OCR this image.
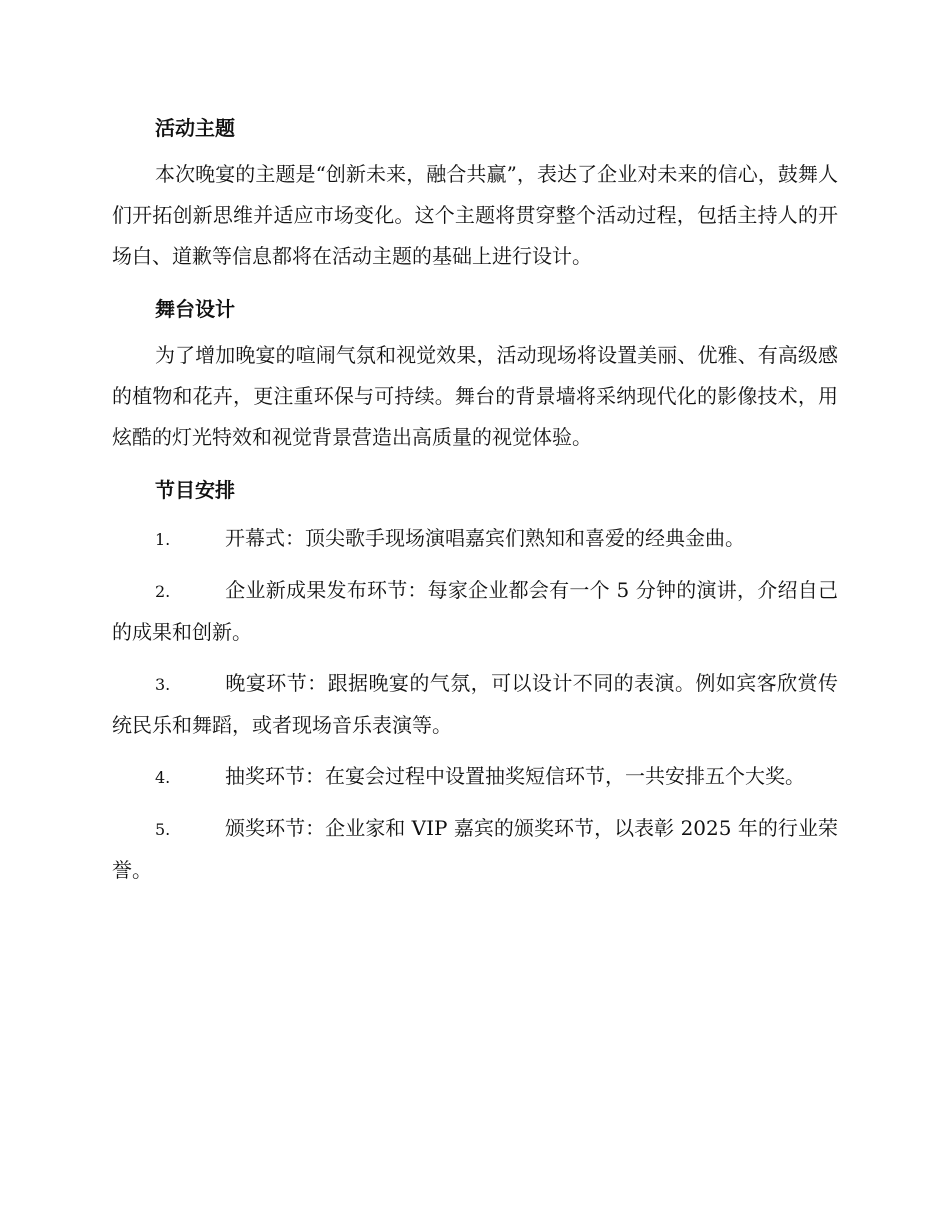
活动主题

本次晚宴的主题是“创新未来，融合共赢”，表达了企业对未来的信心，鼓舞人们开拓创新思维并适应市场变化。这个主题将贯穿整个活动过程，包括主持人的开场白、道歉等信息都将在活动主题的基础上进行设计。

舞台设计

为了增加晚宴的喧闹气氛和视觉效果，活动现场将设置美丽、优雅、有高级感的植物和花卉，更注重环保与可持续。舞台的背景墙将采纳现代化的影像技术，用炫酷的灯光特效和视觉背景营造出高质量的视觉体验。

节目安排

1.	开幕式：顶尖歌手现场演唱嘉宾们熟知和喜爱的经典金曲。

2.	企业新成果发布环节：每家企业都会有一个 5 分钟的演讲，介绍自己的成果和创新。

3.	晚宴环节：跟据晚宴的气氛，可以设计不同的表演。例如宾客欣赏传统民乐和舞蹈，或者现场音乐表演等。

4.	抽奖环节：在宴会过程中设置抽奖短信环节，一共安排五个大奖。

5.	颁奖环节：企业家和 VIP 嘉宾的颁奖环节，以表彰 2025 年的行业荣誉。
